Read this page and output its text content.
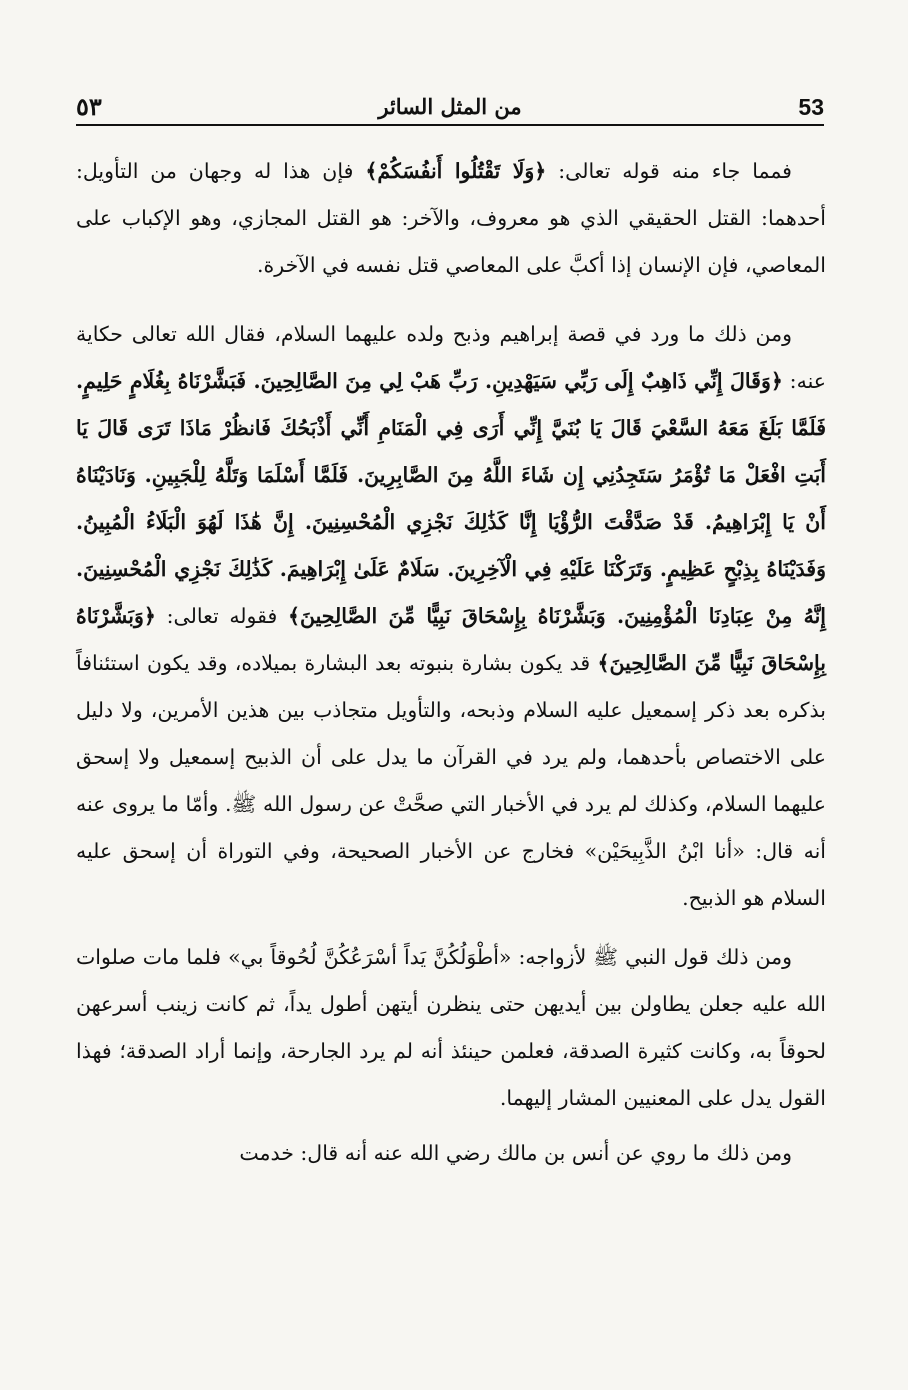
٥٣	من المثل السائر	53

فمما جاء منه قوله تعالى: ﴿وَلَا تَقْتُلُوا أَنفُسَكُمْ﴾ فإن هذا له وجهان من التأويل: أحدهما: القتل الحقيقي الذي هو معروف، والآخر: هو القتل المجازي، وهو الإكباب على المعاصي، فإن الإنسان إذا أكبَّ على المعاصي قتل نفسه في الآخرة.

ومن ذلك ما ورد في قصة إبراهيم وذبح ولده عليهما السلام، فقال الله تعالى حكاية عنه: ﴿وَقَالَ إِنِّي ذَاهِبٌ إِلَى رَبِّي سَيَهْدِينِ. رَبِّ هَبْ لِي مِنَ الصَّالِحِينَ. فَبَشَّرْنَاهُ بِغُلَامٍ حَلِيمٍ. فَلَمَّا بَلَغَ مَعَهُ السَّعْيَ قَالَ يَا بُنَيَّ إِنِّي أَرَى فِي الْمَنَامِ أَنِّي أَذْبَحُكَ فَانظُرْ مَاذَا تَرَى قَالَ يَا أَبَتِ افْعَلْ مَا تُؤْمَرُ سَتَجِدُنِي إِن شَاءَ اللَّهُ مِنَ الصَّابِرِينَ. فَلَمَّا أَسْلَمَا وَتَلَّهُ لِلْجَبِينِ. وَنَادَيْنَاهُ أَنْ يَا إِبْرَاهِيمُ. قَدْ صَدَّقْتَ الرُّؤْيَا إِنَّا كَذَٰلِكَ نَجْزِي الْمُحْسِنِينَ. إِنَّ هَٰذَا لَهُوَ الْبَلَاءُ الْمُبِينُ. وَفَدَيْنَاهُ بِذِبْحٍ عَظِيمٍ. وَتَرَكْنَا عَلَيْهِ فِي الْآخِرِينَ. سَلَامٌ عَلَىٰ إِبْرَاهِيمَ. كَذَٰلِكَ نَجْزِي الْمُحْسِنِينَ. إِنَّهُ مِنْ عِبَادِنَا الْمُؤْمِنِينَ. وَبَشَّرْنَاهُ بِإِسْحَاقَ نَبِيًّا مِّنَ الصَّالِحِينَ﴾ فقوله تعالى: ﴿وَبَشَّرْنَاهُ بِإِسْحَاقَ نَبِيًّا مِّنَ الصَّالِحِينَ﴾ قد يكون بشارة بنبوته بعد البشارة بميلاده، وقد يكون استئنافاً بذكره بعد ذكر إسمعيل عليه السلام وذبحه، والتأويل متجاذب بين هذين الأمرين، ولا دليل على الاختصاص بأحدهما، ولم يرد في القرآن ما يدل على أن الذبيح إسمعيل ولا إسحق عليهما السلام، وكذلك لم يرد في الأخبار التي صحَّتْ عن رسول الله ﷺ. وأمّا ما يروى عنه أنه قال: «أنا ابْنُ الذَّبِيحَيْن» فخارج عن الأخبار الصحيحة، وفي التوراة أن إسحق عليه السلام هو الذبيح.

ومن ذلك قول النبي ﷺ لأزواجه: «أطْوَلُكُنَّ يَداً أسْرَعُكُنَّ لُحُوقاً بي» فلما مات صلوات الله عليه جعلن يطاولن بين أيديهن حتى ينظرن أيتهن أطول يداً، ثم كانت زينب أسرعهن لحوقاً به، وكانت كثيرة الصدقة، فعلمن حينئذ أنه لم يرد الجارحة، وإنما أراد الصدقة؛ فهذا القول يدل على المعنيين المشار إليهما.

ومن ذلك ما روي عن أنس بن مالك رضي الله عنه أنه قال: خدمت
